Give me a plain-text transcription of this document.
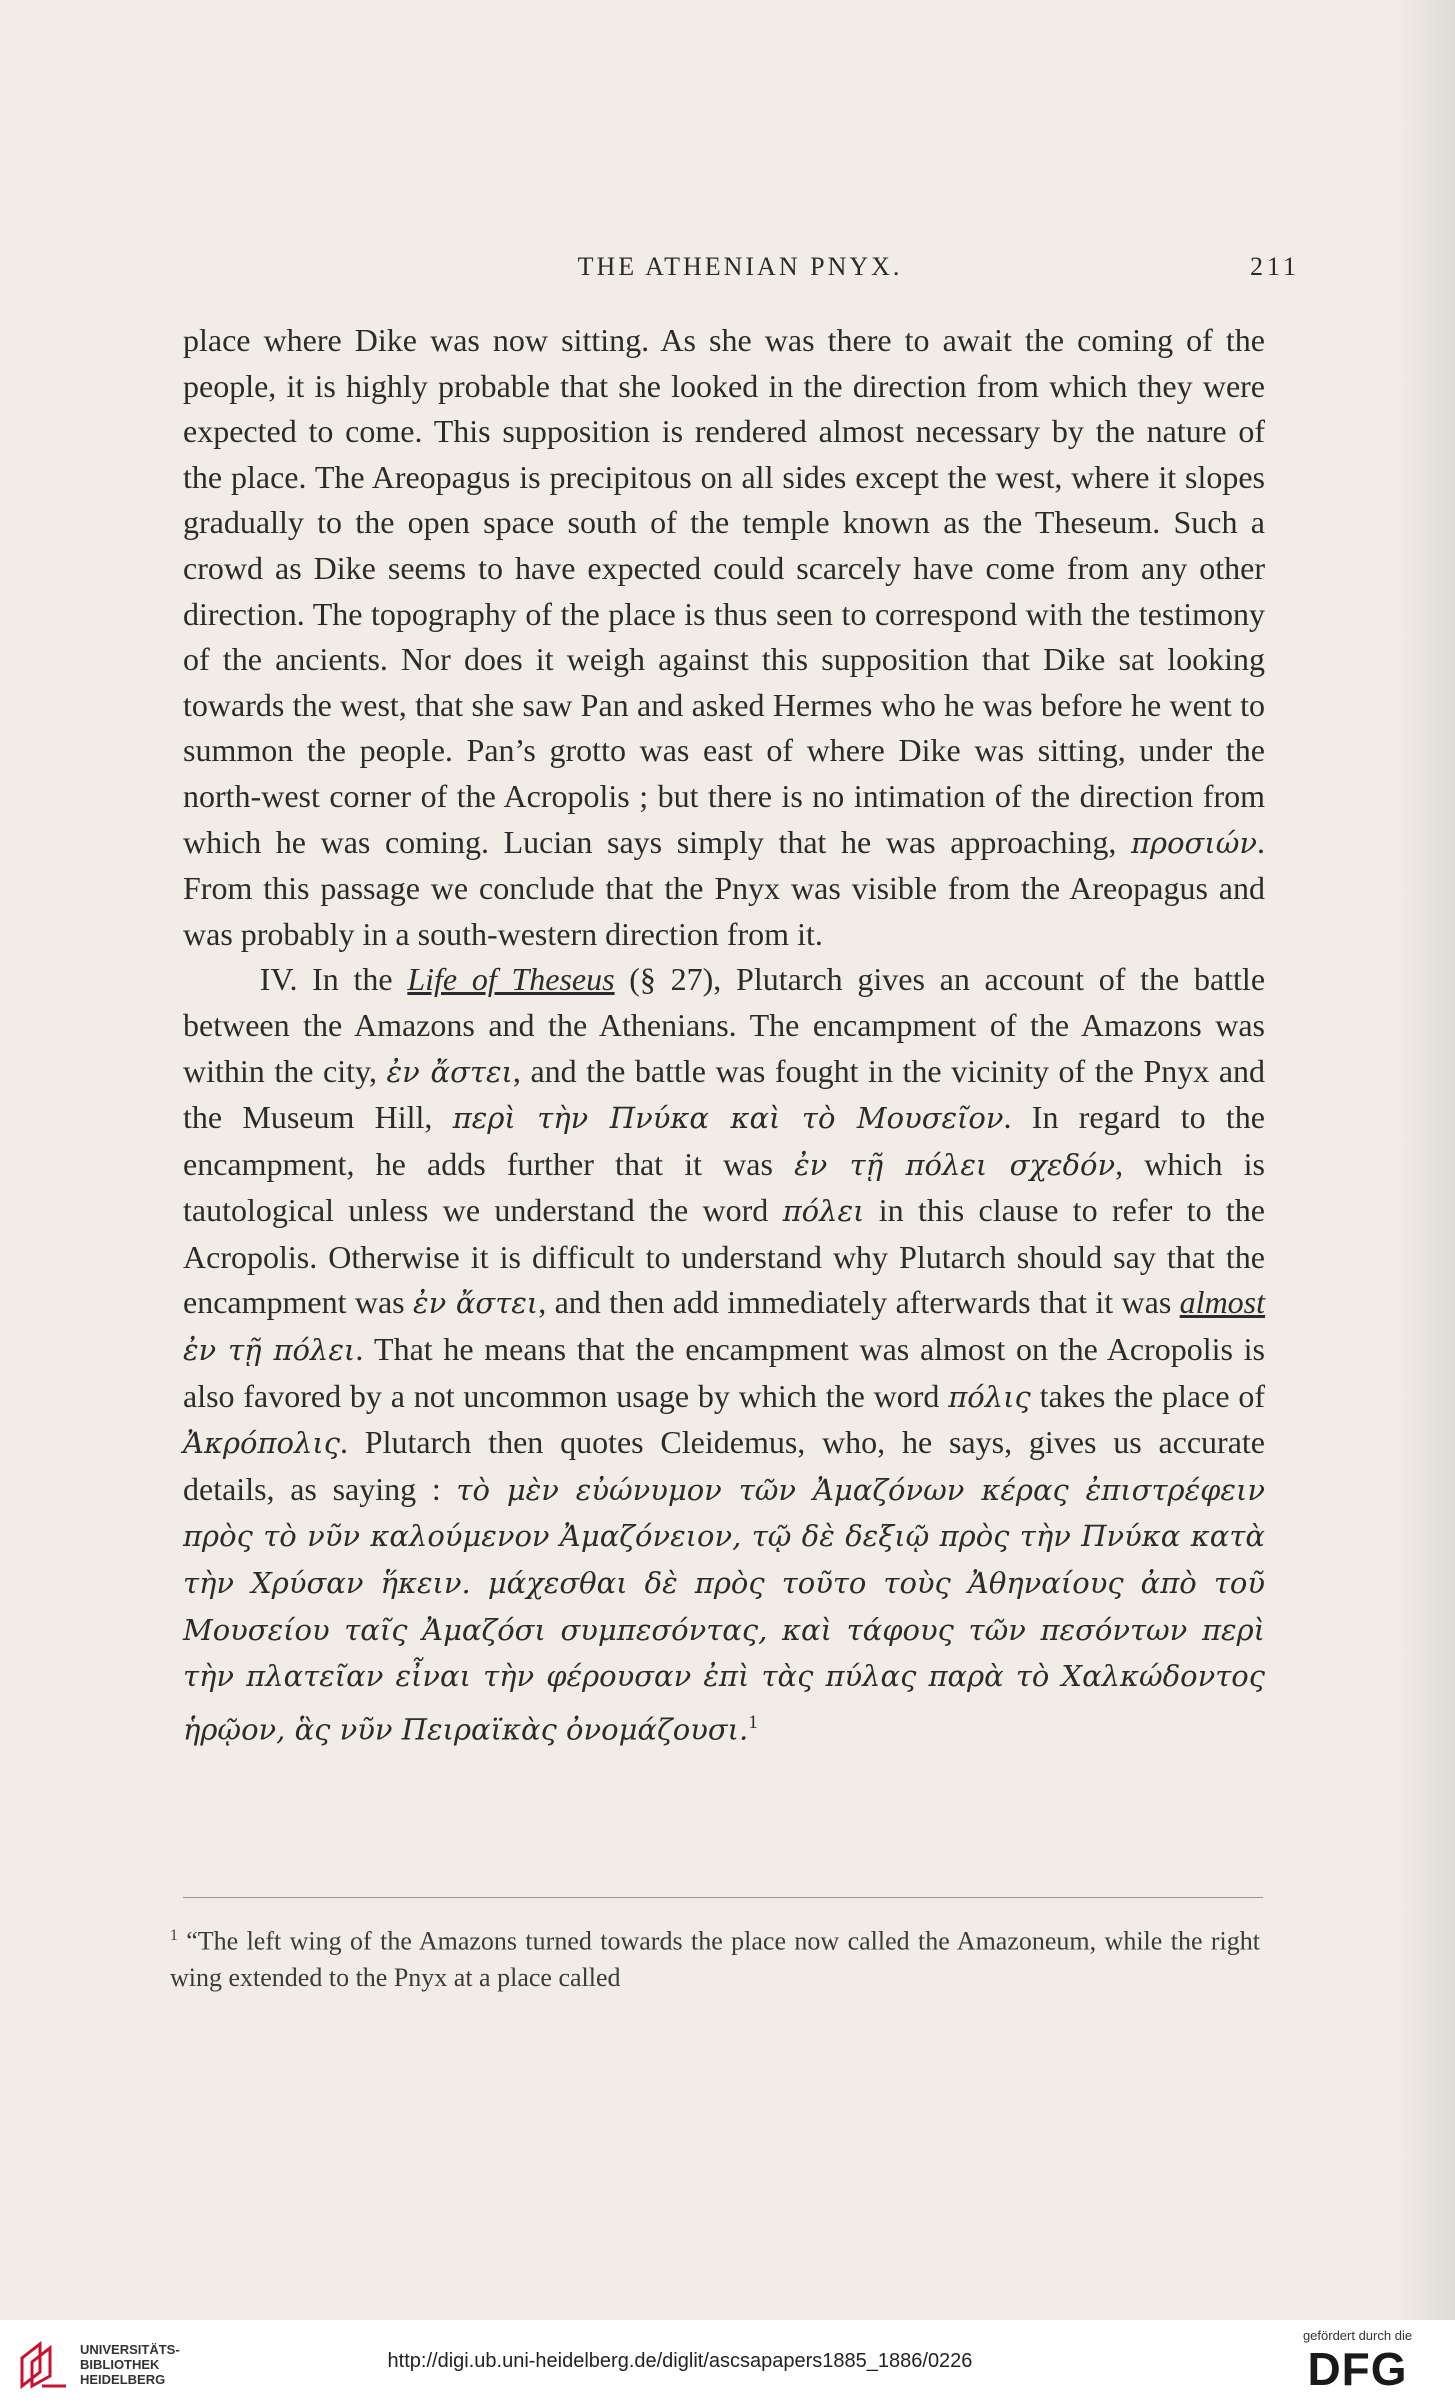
THE ATHENIAN PNYX.	211

place where Dike was now sitting. As she was there to await the coming of the people, it is highly probable that she looked in the direction from which they were expected to come. This supposition is rendered almost necessary by the nature of the place. The Areopagus is precipitous on all sides except the west, where it slopes gradually to the open space south of the temple known as the Theseum. Such a crowd as Dike seems to have expected could scarcely have come from any other direction. The topography of the place is thus seen to correspond with the testimony of the ancients. Nor does it weigh against this supposition that Dike sat looking towards the west, that she saw Pan and asked Hermes who he was before he went to summon the people. Pan’s grotto was east of where Dike was sitting, under the north-west corner of the Acropolis ; but there is no intimation of the direction from which he was coming. Lucian says simply that he was approaching, προσιών. From this passage we conclude that the Pnyx was visible from the Areopagus and was probably in a south-western direction from it.

IV. In the Life of Theseus (§ 27), Plutarch gives an account of the battle between the Amazons and the Athenians. The encampment of the Amazons was within the city, ἐν ἄστει, and the battle was fought in the vicinity of the Pnyx and the Museum Hill, περὶ τὴν Πνύκα καὶ τὸ Μουσεῖον. In regard to the encampment, he adds further that it was ἐν τῇ πόλει σχεδόν, which is tautological unless we understand the word πόλει in this clause to refer to the Acropolis. Otherwise it is difficult to understand why Plutarch should say that the encampment was ἐν ἄστει, and then add immediately afterwards that it was almost ἐν τῇ πόλει. That he means that the encampment was almost on the Acropolis is also favored by a not uncommon usage by which the word πόλις takes the place of Ἀκρόπολις. Plutarch then quotes Cleidemus, who, he says, gives us accurate details, as saying : τὸ μὲν εὐώνυμον τῶν Ἀμαζόνων κέρας ἐπιστρέφειν πρὸς τὸ νῦν καλούμενον Ἀμαζόνειον, τῷ δὲ δεξιῷ πρὸς τὴν Πνύκα κατὰ τὴν Χρύσαν ἥκειν. μάχεσθαι δὲ πρὸς τοῦτο τοὺς Ἀθηναίους ἀπὸ τοῦ Μουσείου ταῖς Ἀμαζόσι συμπεσόντας, καὶ τάφους τῶν πεσόντων περὶ τὴν πλατεῖαν εἶναι τὴν φέρουσαν ἐπὶ τὰς πύλας παρὰ τὸ Χαλκώδοντος ἡρῷον, ἃς νῦν Πειραϊκὰς ὀνομάζουσι.$^1$

$^1$ “The left wing of the Amazons turned towards the place now called the Amazoneum, while the right wing extended to the Pnyx at a place called
UNIVERSITÄTS-
BIBLIOTHEK
HEIDELBERG
http://digi.ub.uni-heidelberg.de/diglit/ascsapapers1885_1886/0226
gefördert durch die
DFG
